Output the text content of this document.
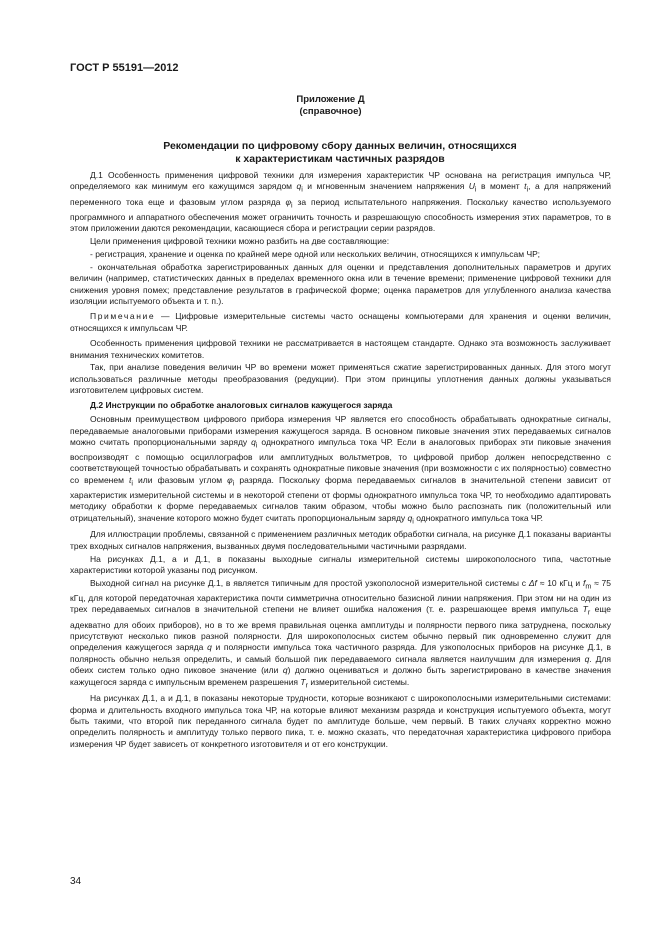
ГОСТ Р 55191—2012
Приложение Д
(справочное)
Рекомендации по цифровому сбору данных величин, относящихся
к характеристикам частичных разрядов

Д.1 Особенность применения цифровой техники для измерения характеристик ЧР основана на регистрация импульса ЧР, определяемого как минимум его кажущимся зарядом $q_i$ и мгновенным значением напряжения $U_i$ в момент $t_i$, а для напряжений переменного тока еще и фазовым углом разряда $\varphi_i$ за период испытательного напряжения. Поскольку качество используемого программного и аппаратного обеспечения может ограничить точность и разрешающую способность измерения этих параметров, то в этом приложении даются рекомендации, касающиеся сбора и регистрации серии разрядов.

Цели применения цифровой техники можно разбить на две составляющие:

- регистрация, хранение и оценка по крайней мере одной или нескольких величин, относящихся к импульсам ЧР;

- окончательная обработка зарегистрированных данных для оценки и представления дополнительных параметров и других величин (например, статистических данных в пределах временного окна или в течение времени; применение цифровой техники для снижения уровня помех; представление результатов в графической форме; оценка параметров для углубленного анализа качества изоляции испытуемого объекта и т. п.).

Примечание — Цифровые измерительные системы часто оснащены компьютерами для хранения и оценки величин, относящихся к импульсам ЧР.

Особенность применения цифровой техники не рассматривается в настоящем стандарте. Однако эта возможность заслуживает внимания технических комитетов.

Так, при анализе поведения величин ЧР во времени может применяться сжатие зарегистрированных данных. Для этого могут использоваться различные методы преобразования (редукции). При этом принципы уплотнения данных должны указываться изготовителем цифровых систем.

Д.2 Инструкции по обработке аналоговых сигналов кажущегося заряда

Основным преимуществом цифрового прибора измерения ЧР является его способность обрабатывать однократные сигналы, передаваемые аналоговыми приборами измерения кажущегося заряда. В основном пиковые значения этих передаваемых сигналов можно считать пропорциональными заряду $q_i$ однократного импульса тока ЧР. Если в аналоговых приборах эти пиковые значения воспроизводят с помощью осциллографов или амплитудных вольтметров, то цифровой прибор должен непосредственно с соответствующей точностью обрабатывать и сохранять однократные пиковые значения (при возможности с их полярностью) совместно со временем $t_i$ или фазовым углом $\varphi_i$ разряда. Поскольку форма передаваемых сигналов в значительной степени зависит от характеристик измерительной системы и в некоторой степени от формы однократного импульса тока ЧР, то необходимо адаптировать методику обработки к форме передаваемых сигналов таким образом, чтобы можно было распознать пик (положительный или отрицательный), значение которого можно будет считать пропорциональным заряду $q_i$ однократного импульса тока ЧР.

Для иллюстрации проблемы, связанной с применением различных методик обработки сигнала, на рисунке Д.1 показаны варианты трех входных сигналов напряжения, вызванных двумя последовательными частичными разрядами.

На рисунках Д.1, а и Д.1, в показаны выходные сигналы измерительной системы широкополосного типа, частотные характеристики которой указаны под рисунком.

Выходной сигнал на рисунке Д.1, в является типичным для простой узкополосной измерительной системы с Δf ≈ 10 кГц и $f_m \approx 75$ кГц, для которой передаточная характеристика почти симметрична относительно базисной линии напряжения. При этом ни на один из трех передаваемых сигналов в значительной степени не влияет ошибка наложения (т. е. разрешающее время импульса $T_r$ еще адекватно для обоих приборов), но в то же время правильная оценка амплитуды и полярности первого пика затруднена, поскольку присутствуют несколько пиков разной полярности. Для широкополосных систем обычно первый пик одновременно служит для определения кажущегося заряда q и полярности импульса тока частичного разряда. Для узкополосных приборов на рисунке Д.1, в полярность обычно нельзя определить, и самый большой пик передаваемого сигнала является наилучшим для измерения q. Для обеих систем только одно пиковое значение (или q) должно оцениваться и должно быть зарегистрировано в качестве значения кажущегося заряда с импульсным временем разрешения $T_r$ измерительной системы.

На рисунках Д.1, а и Д.1, в показаны некоторые трудности, которые возникают с широкополосными измерительными системами: форма и длительность входного импульса тока ЧР, на которые влияют механизм разряда и конструкция испытуемого объекта, могут быть такими, что второй пик переданного сигнала будет по амплитуде больше, чем первый. В таких случаях корректно можно определить полярность и амплитуду только первого пика, т. е. можно сказать, что передаточная характеристика цифрового прибора измерения ЧР будет зависеть от конкретного изготовителя и от его конструкции.

34
